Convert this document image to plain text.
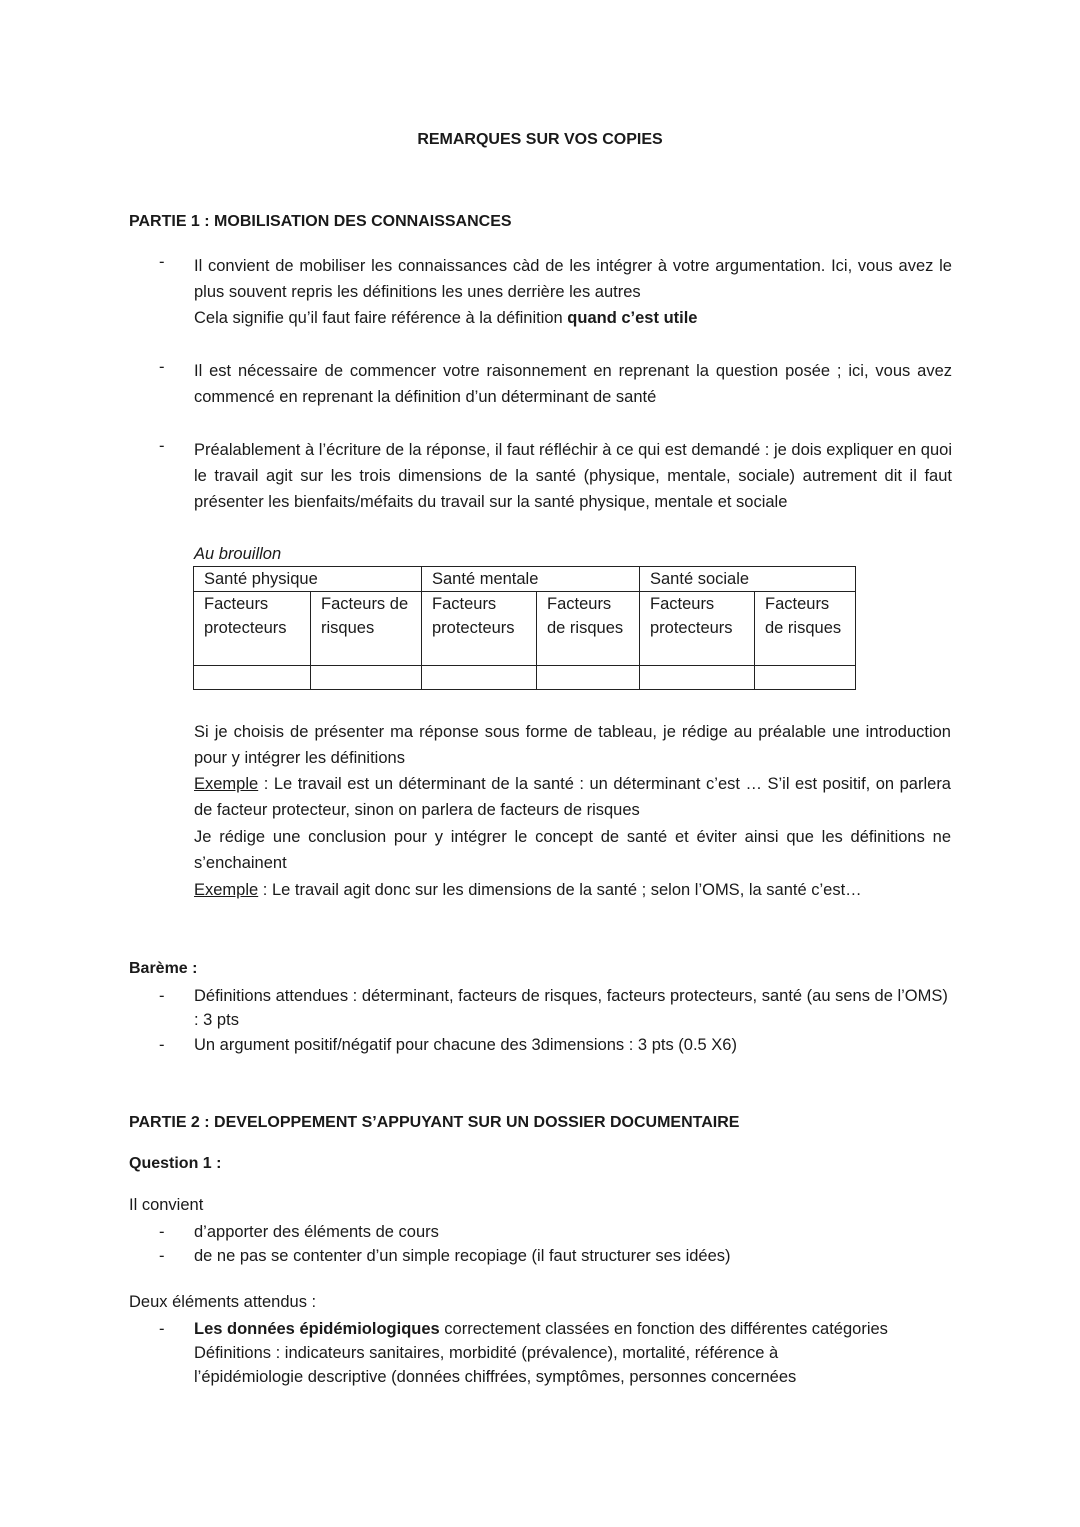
REMARQUES SUR VOS COPIES
PARTIE 1 : MOBILISATION DES CONNAISSANCES
- Il convient de mobiliser les connaissances càd de les intégrer à votre argumentation. Ici, vous avez le plus souvent repris les définitions les unes derrière les autres
Cela signifie qu’il faut faire référence à la définition quand c’est utile
- Il est nécessaire de commencer votre raisonnement en reprenant la question posée ; ici, vous avez commencé en reprenant la définition d’un déterminant de santé
- Préalablement à l’écriture de la réponse, il faut réfléchir à ce qui est demandé : je dois expliquer en quoi le travail agit sur les trois dimensions de la santé (physique, mentale, sociale) autrement dit il faut présenter les bienfaits/méfaits du travail sur la santé physique, mentale et sociale
Au brouillon
Santé physique		Santé mentale		Santé sociale	
Facteurs protecteurs	Facteurs de risques	Facteurs protecteurs	Facteurs de risques	Facteurs protecteurs	Facteurs de risques

Si je choisis de présenter ma réponse sous forme de tableau, je rédige au préalable une introduction pour y intégrer les définitions
Exemple : Le travail est un déterminant de la santé : un déterminant c’est … S’il est positif, on parlera de facteur protecteur, sinon on parlera de facteurs de risques
Je rédige une conclusion pour y intégrer le concept de santé et éviter ainsi que les définitions ne s’enchainent
Exemple : Le travail agit donc sur les dimensions de la santé ; selon l’OMS, la santé c’est…
Barème :
- Définitions attendues : déterminant, facteurs de risques, facteurs protecteurs, santé (au sens de l’OMS) : 3 pts
- Un argument positif/négatif pour chacune des 3dimensions : 3 pts (0.5 X6)
PARTIE 2 : DEVELOPPEMENT S’APPUYANT SUR UN DOSSIER DOCUMENTAIRE
Question 1 :
Il convient
- d’apporter des éléments de cours
- de ne pas se contenter d’un simple recopiage (il faut structurer ses idées)
Deux éléments attendus :
- Les données épidémiologiques correctement classées en fonction des différentes catégories
Définitions : indicateurs sanitaires, morbidité (prévalence), mortalité, référence à l’épidémiologie descriptive (données chiffrées, symptômes, personnes concernées
